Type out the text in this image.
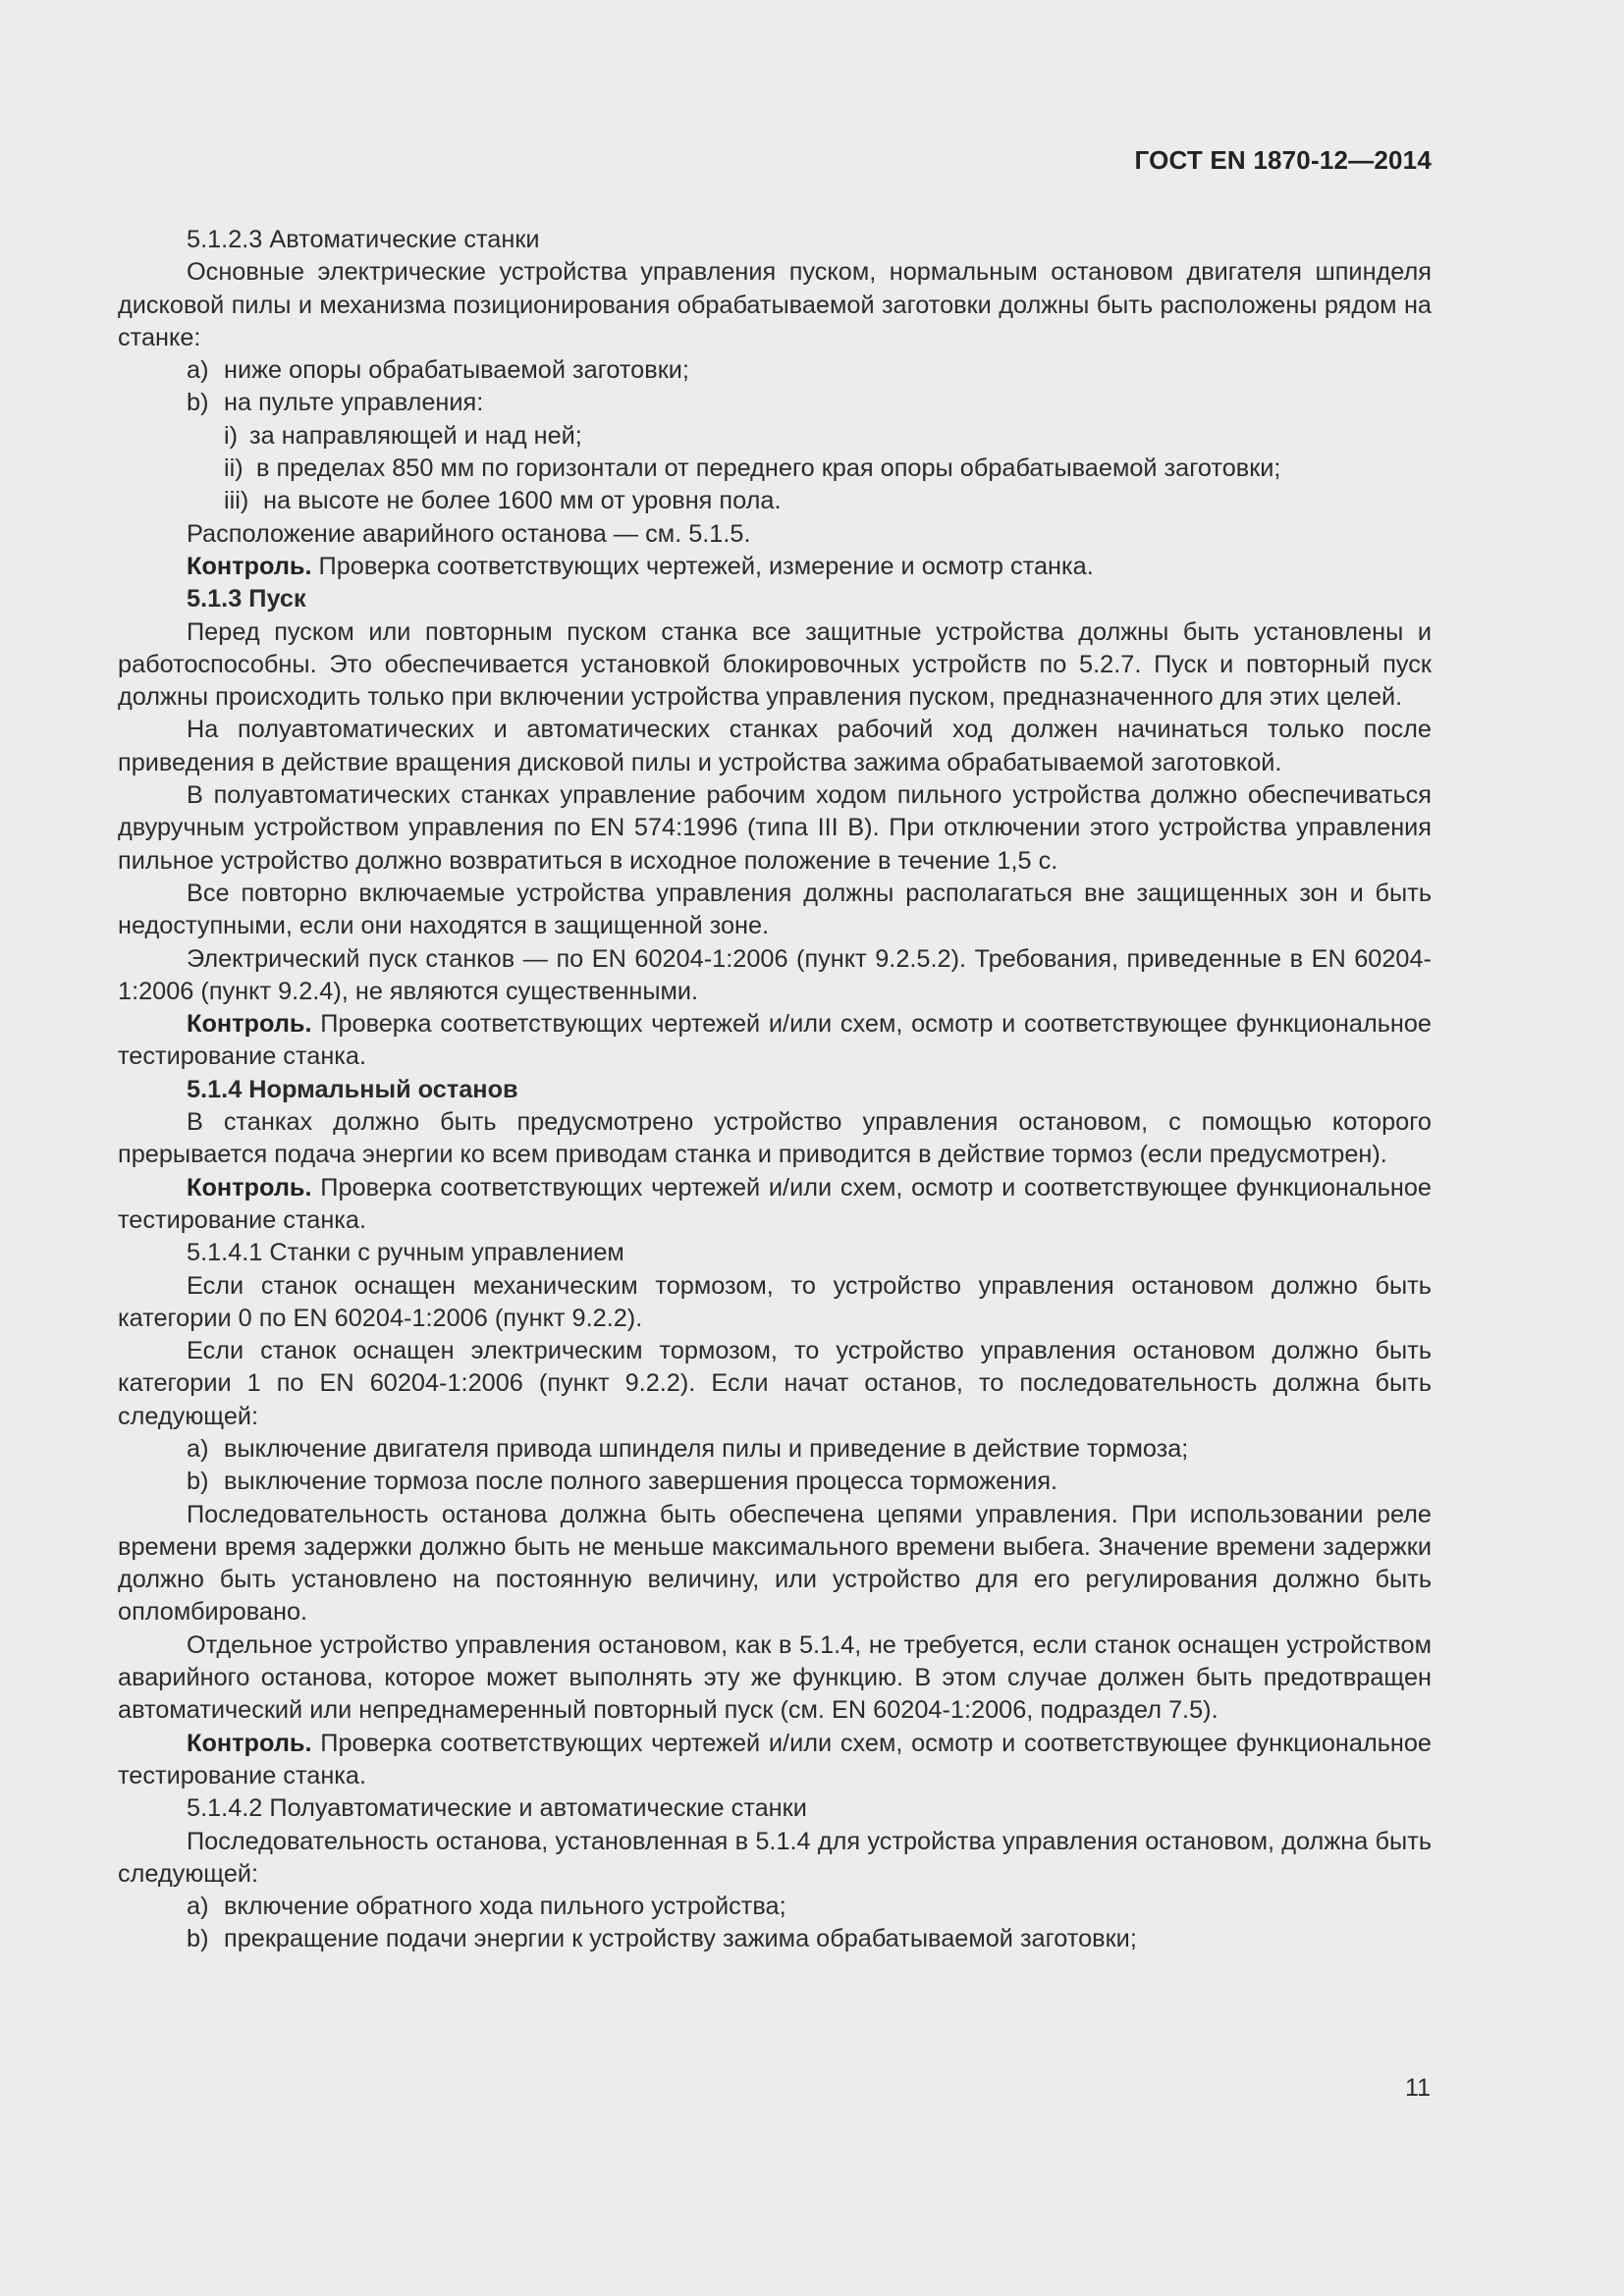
ГОСТ EN 1870-12—2014

5.1.2.3 Автоматические станки

Основные электрические устройства управления пуском, нормальным остановом двигателя шпинделя дисковой пилы и механизма позиционирования обрабатываемой заготовки должны быть расположены рядом на станке:

a) ниже опоры обрабатываемой заготовки;
b) на пульте управления:
i) за направляющей и над ней;
ii) в пределах 850 мм по горизонтали от переднего края опоры обрабатываемой заготовки;
iii) на высоте не более 1600 мм от уровня пола.

Расположение аварийного останова — см. 5.1.5.

Контроль. Проверка соответствующих чертежей, измерение и осмотр станка.

5.1.3 Пуск

Перед пуском или повторным пуском станка все защитные устройства должны быть установлены и работоспособны. Это обеспечивается установкой блокировочных устройств по 5.2.7. Пуск и повторный пуск должны происходить только при включении устройства управления пуском, предназначенного для этих целей.

На полуавтоматических и автоматических станках рабочий ход должен начинаться только после приведения в действие вращения дисковой пилы и устройства зажима обрабатываемой заготовкой.

В полуавтоматических станках управление рабочим ходом пильного устройства должно обеспечиваться двуручным устройством управления по EN 574:1996 (типа III В). При отключении этого устройства управления пильное устройство должно возвратиться в исходное положение в течение 1,5 с.

Все повторно включаемые устройства управления должны располагаться вне защищенных зон и быть недоступными, если они находятся в защищенной зоне.

Электрический пуск станков — по EN 60204-1:2006 (пункт 9.2.5.2). Требования, приведенные в EN 60204-1:2006 (пункт 9.2.4), не являются существенными.

Контроль. Проверка соответствующих чертежей и/или схем, осмотр и соответствующее функциональное тестирование станка.

5.1.4 Нормальный останов

В станках должно быть предусмотрено устройство управления остановом, с помощью которого прерывается подача энергии ко всем приводам станка и приводится в действие тормоз (если предусмотрен).

Контроль. Проверка соответствующих чертежей и/или схем, осмотр и соответствующее функциональное тестирование станка.

5.1.4.1 Станки с ручным управлением

Если станок оснащен механическим тормозом, то устройство управления остановом должно быть категории 0 по EN 60204-1:2006 (пункт 9.2.2).

Если станок оснащен электрическим тормозом, то устройство управления остановом должно быть категории 1 по EN 60204-1:2006 (пункт 9.2.2). Если начат останов, то последовательность должна быть следующей:

a) выключение двигателя привода шпинделя пилы и приведение в действие тормоза;
b) выключение тормоза после полного завершения процесса торможения.

Последовательность останова должна быть обеспечена цепями управления. При использовании реле времени время задержки должно быть не меньше максимального времени выбега. Значение времени задержки должно быть установлено на постоянную величину, или устройство для его регулирования должно быть опломбировано.

Отдельное устройство управления остановом, как в 5.1.4, не требуется, если станок оснащен устройством аварийного останова, которое может выполнять эту же функцию. В этом случае должен быть предотвращен автоматический или непреднамеренный повторный пуск (см. EN 60204-1:2006, подраздел 7.5).

Контроль. Проверка соответствующих чертежей и/или схем, осмотр и соответствующее функциональное тестирование станка.

5.1.4.2 Полуавтоматические и автоматические станки

Последовательность останова, установленная в 5.1.4 для устройства управления остановом, должна быть следующей:

a) включение обратного хода пильного устройства;
b) прекращение подачи энергии к устройству зажима обрабатываемой заготовки;
11
